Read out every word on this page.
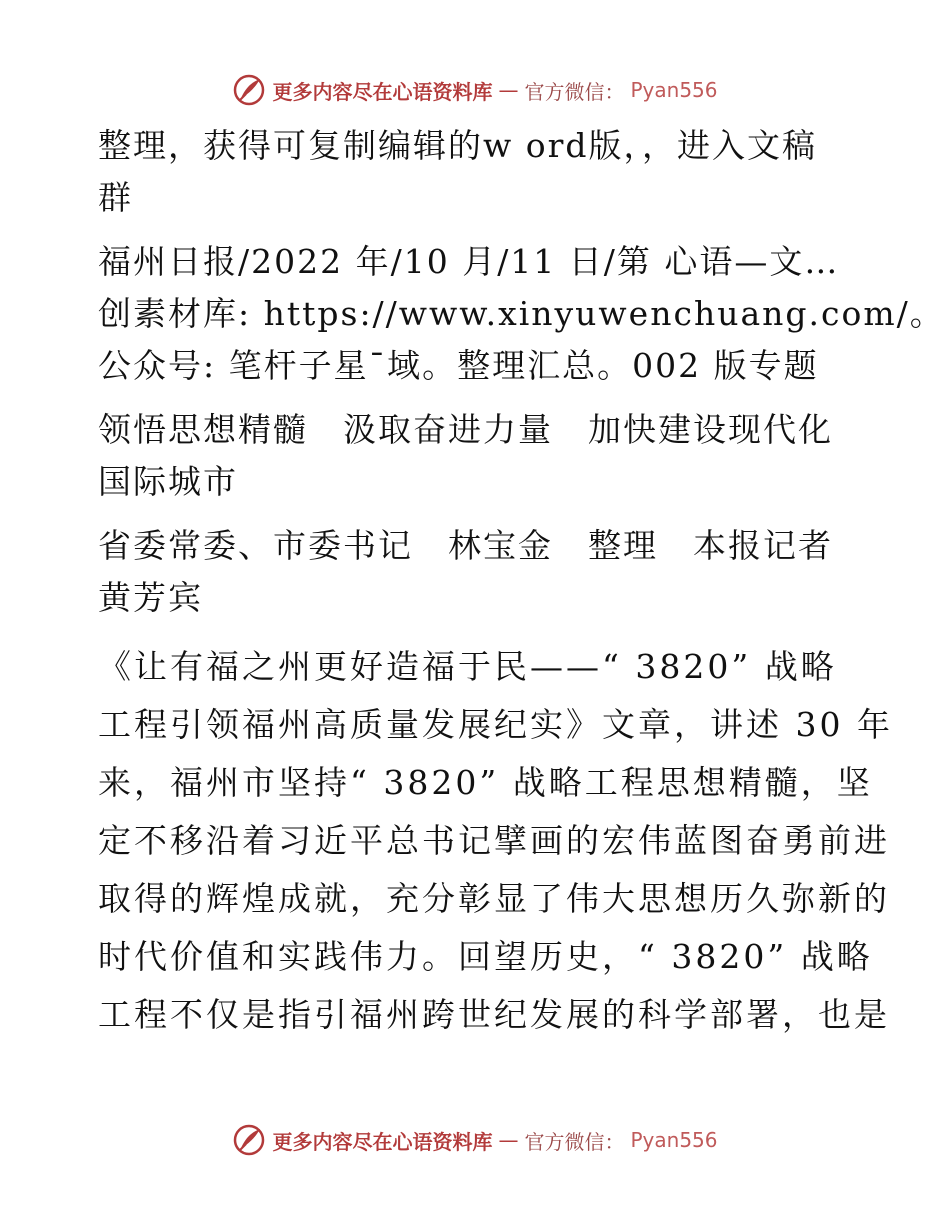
更多内容尽在心语资料库 — 官方微信： Pyan556
整理，获得可复制编辑的w ord版，，进入文稿
群
福州日报/2022 年/10 月/11 日/第 心语—文…
创素材库: https://www.xinyuwenchuang.com/。
公众号: 笔杆子星¯域。整理汇总。002 版专题
领悟思想精髓　汲取奋进力量　加快建设现代化
国际城市
省委常委、市委书记　林宝金　整理　本报记者
黄芳宾
《让有福之州更好造福于民——“ 3820” 战略
工程引领福州高质量发展纪实》文章，讲述 30 年
来，福州市坚持“ 3820” 战略工程思想精髓，坚
定不移沿着习近平总书记擘画的宏伟蓝图奋勇前进
取得的辉煌成就，充分彰显了伟大思想历久弥新的
时代价值和实践伟力。回望历史，“ 3820” 战略
工程不仅是指引福州跨世纪发展的科学部署，也是
更多内容尽在心语资料库 — 官方微信： Pyan556
